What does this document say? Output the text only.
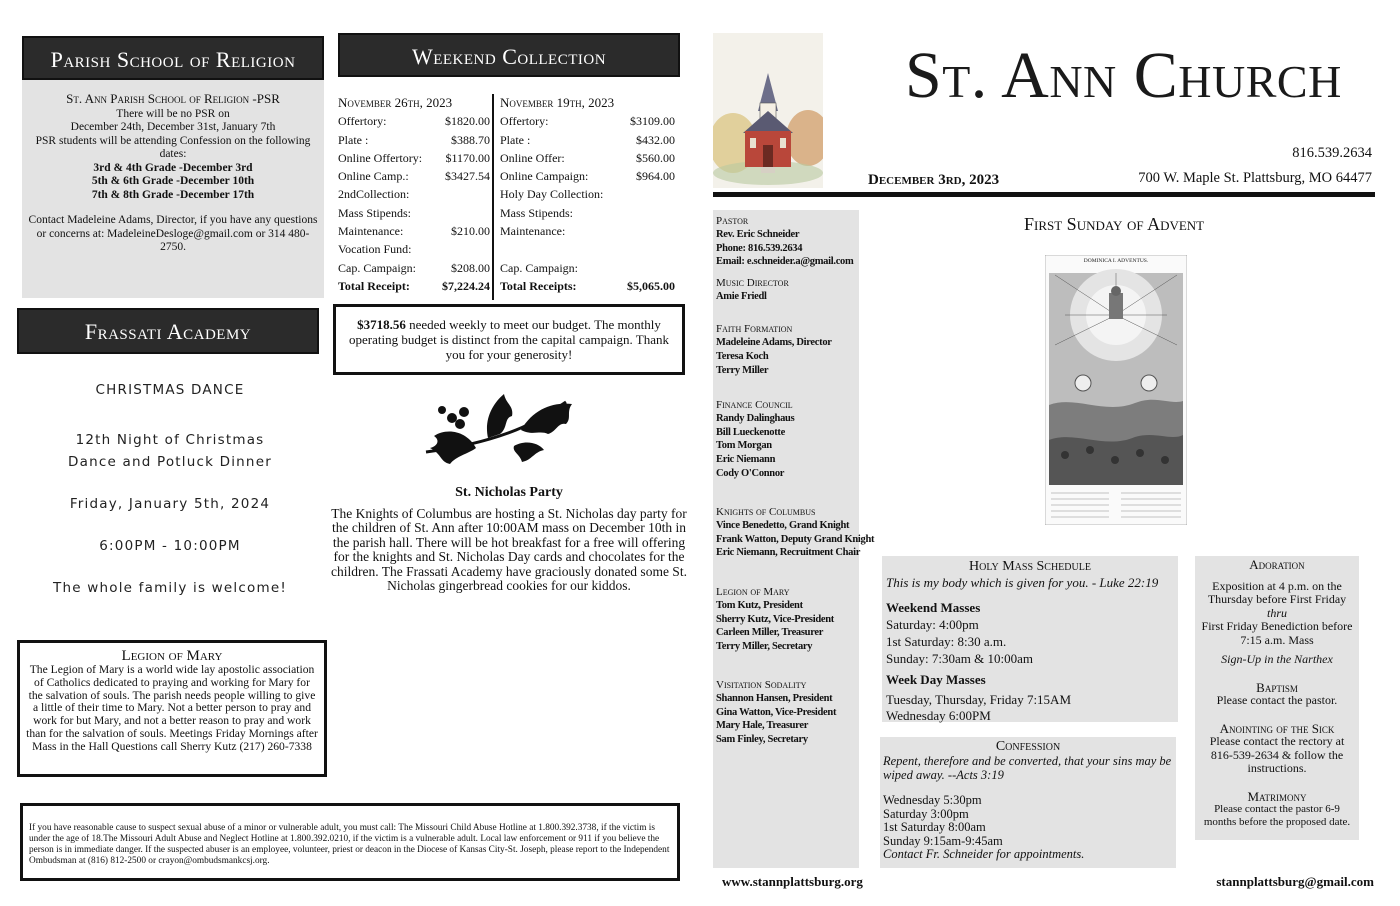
Parish School of Religion
St. Ann Parish School of Religion -PSR
There will be no PSR on
December 24th, December 31st, January 7th
PSR students will be attending Confession on the following dates:
3rd & 4th Grade -December 3rd
5th & 6th Grade -December 10th
7th & 8th Grade -December 17th
Contact Madeleine Adams, Director, if you have any questions or concerns at: MadeleineDesloge@gmail.com or 314 480-2750.
Frassati Academy
CHRISTMAS DANCE
12th Night of Christmas
Dance and Potluck Dinner
Friday, January 5th, 2024
6:00PM - 10:00PM
The whole family is welcome!
Legion of Mary
The Legion of Mary is a world wide lay apostolic association of Catholics dedicated to praying and working for Mary for the salvation of souls. The parish needs people willing to give a little of their time to Mary. Not a better person to pray and work for but Mary, and not a better reason to pray and work than for the salvation of souls. Meetings Friday Mornings after Mass in the Hall Questions call Sherry Kutz (217) 260-7338
If you have reasonable cause to suspect sexual abuse of a minor or vulnerable adult, you must call: The Missouri Child Abuse Hotline at 1.800.392.3738, if the victim is under the age of 18.The Missouri Adult Abuse and Neglect Hotline at 1.800.392.0210, if the victim is a vulnerable adult. Local law enforcement or 911 if you believe the person is in immediate danger. If the suspected abuser is an employee, volunteer, priest or deacon in the Diocese of Kansas City-St. Joseph, please report to the Independent Ombudsman at (816) 812-2500 or crayon@ombudsmankcsj.org.
Weekend Collection
November 26th, 2023
Offertory:	$1820.00
Plate :	$388.70
Online Offertory: $1170.00
Online Camp.:	$3427.54
2ndCollection:
Mass Stipends:
Maintenance:	$210.00
Vocation Fund:
Cap. Campaign:	$208.00
Total Receipt:	$7,224.24
November 19th, 2023
Offertory:	$3109.00
Plate :	$432.00
Online Offer:	$560.00
Online Campaign:	$964.00
Holy Day Collection:
Mass Stipends:
Maintenance:
Cap. Campaign:
Total Receipts:	$5,065.00
$3718.56 needed weekly to meet our budget. The monthly operating budget is distinct from the capital campaign. Thank you for your generosity!
St. Nicholas Party
The Knights of Columbus are hosting a St. Nicholas day party for the children of St. Ann after 10:00AM mass on December 10th in the parish hall. There will be hot breakfast for a free will offering for the knights and St. Nicholas Day cards and chocolates for the children. The Frassati Academy have graciously donated some St. Nicholas gingerbread cookies for our kiddos.
St. Ann Church
816.539.2634
700 W. Maple St. Plattsburg, MO 64477
December 3rd, 2023
Pastor
Rev. Eric Schneider
Phone: 816.539.2634
Email: e.schneider.a@gmail.com
Music Director
Amie Friedl
Faith Formation
Madeleine Adams, Director
Teresa Koch
Terry Miller
Finance Council
Randy Dalinghaus
Bill Lueckenotte
Tom Morgan
Eric Niemann
Cody O'Connor
Knights of Columbus
Vince Benedetto, Grand Knight
Frank Watton, Deputy Grand Knight
Eric Niemann, Recruitment Chair
Legion of Mary
Tom Kutz, President
Sherry Kutz, Vice-President
Carleen Miller, Treasurer
Terry Miller, Secretary
Visitation Sodality
Shannon Hansen, President
Gina Watton, Vice-President
Mary Hale, Treasurer
Sam Finley, Secretary
First Sunday of Advent
DOMINICA I. ADVENTUS.
Holy Mass Schedule
This is my body which is given for you. - Luke 22:19
Weekend Masses
Saturday: 4:00pm
1st Saturday: 8:30 a.m.
Sunday: 7:30am & 10:00am
Week Day Masses
Tuesday, Thursday, Friday 7:15AM
Wednesday 6:00PM
Confession
Repent, therefore and be converted, that your sins may be wiped away. --Acts 3:19
Wednesday 5:30pm
Saturday 3:00pm
1st Saturday 8:00am
Sunday 9:15am-9:45am
Contact Fr. Schneider for appointments.
Adoration
Exposition at 4 p.m. on the Thursday before First Friday
thru
First Friday Benediction before 7:15 a.m. Mass
Sign-Up in the Narthex
Baptism
Please contact the pastor.
Anointing of the Sick
Please contact the rectory at 816-539-2634 & follow the instructions.
Matrimony
Please contact the pastor 6-9 months before the proposed date.
www.stannplattsburg.org	stannplattsburg@gmail.com
